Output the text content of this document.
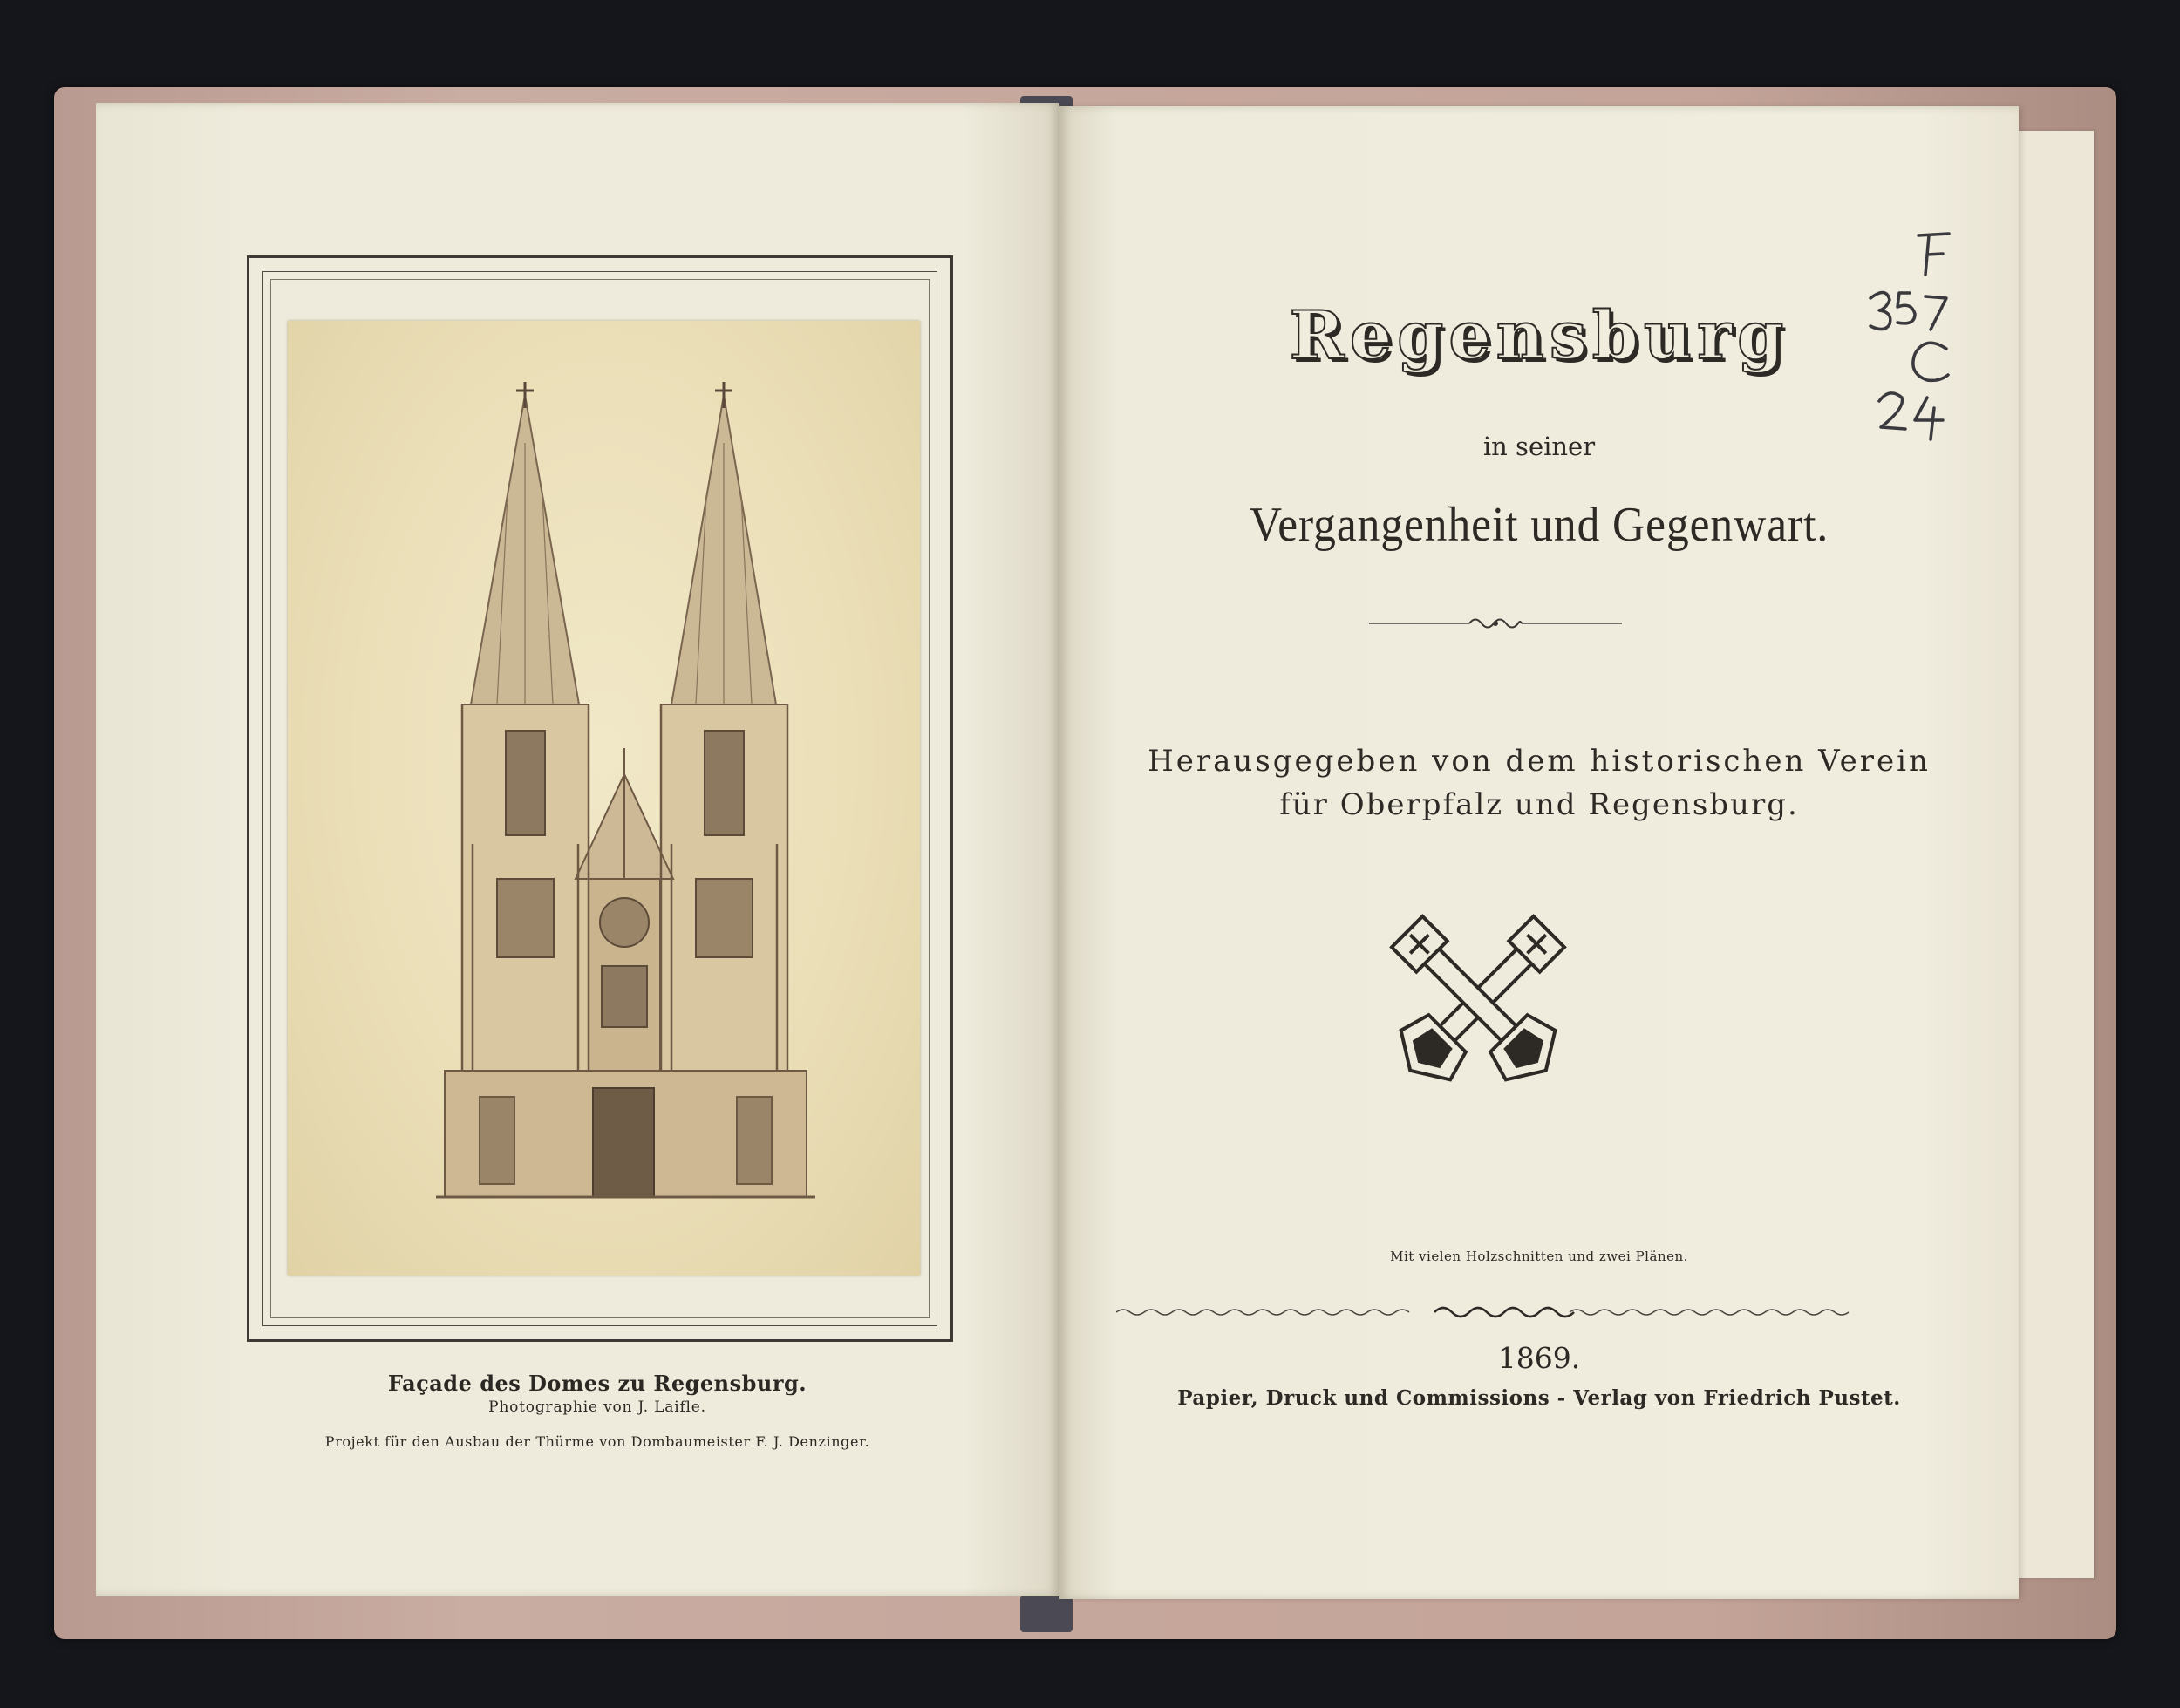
Façade des Domes zu Regensburg.
Photographie von J. Laifle.
Projekt für den Ausbau der Thürme von Dombaumeister F. J. Denzinger.
Regensburg
in seiner
Vergangenheit und Gegenwart.
Herausgegeben von dem historischen Verein
für Oberpfalz und Regensburg.
Mit vielen Holzschnitten und zwei Plänen.
1869.
Papier, Druck und Commissions - Verlag von Friedrich Pustet.
